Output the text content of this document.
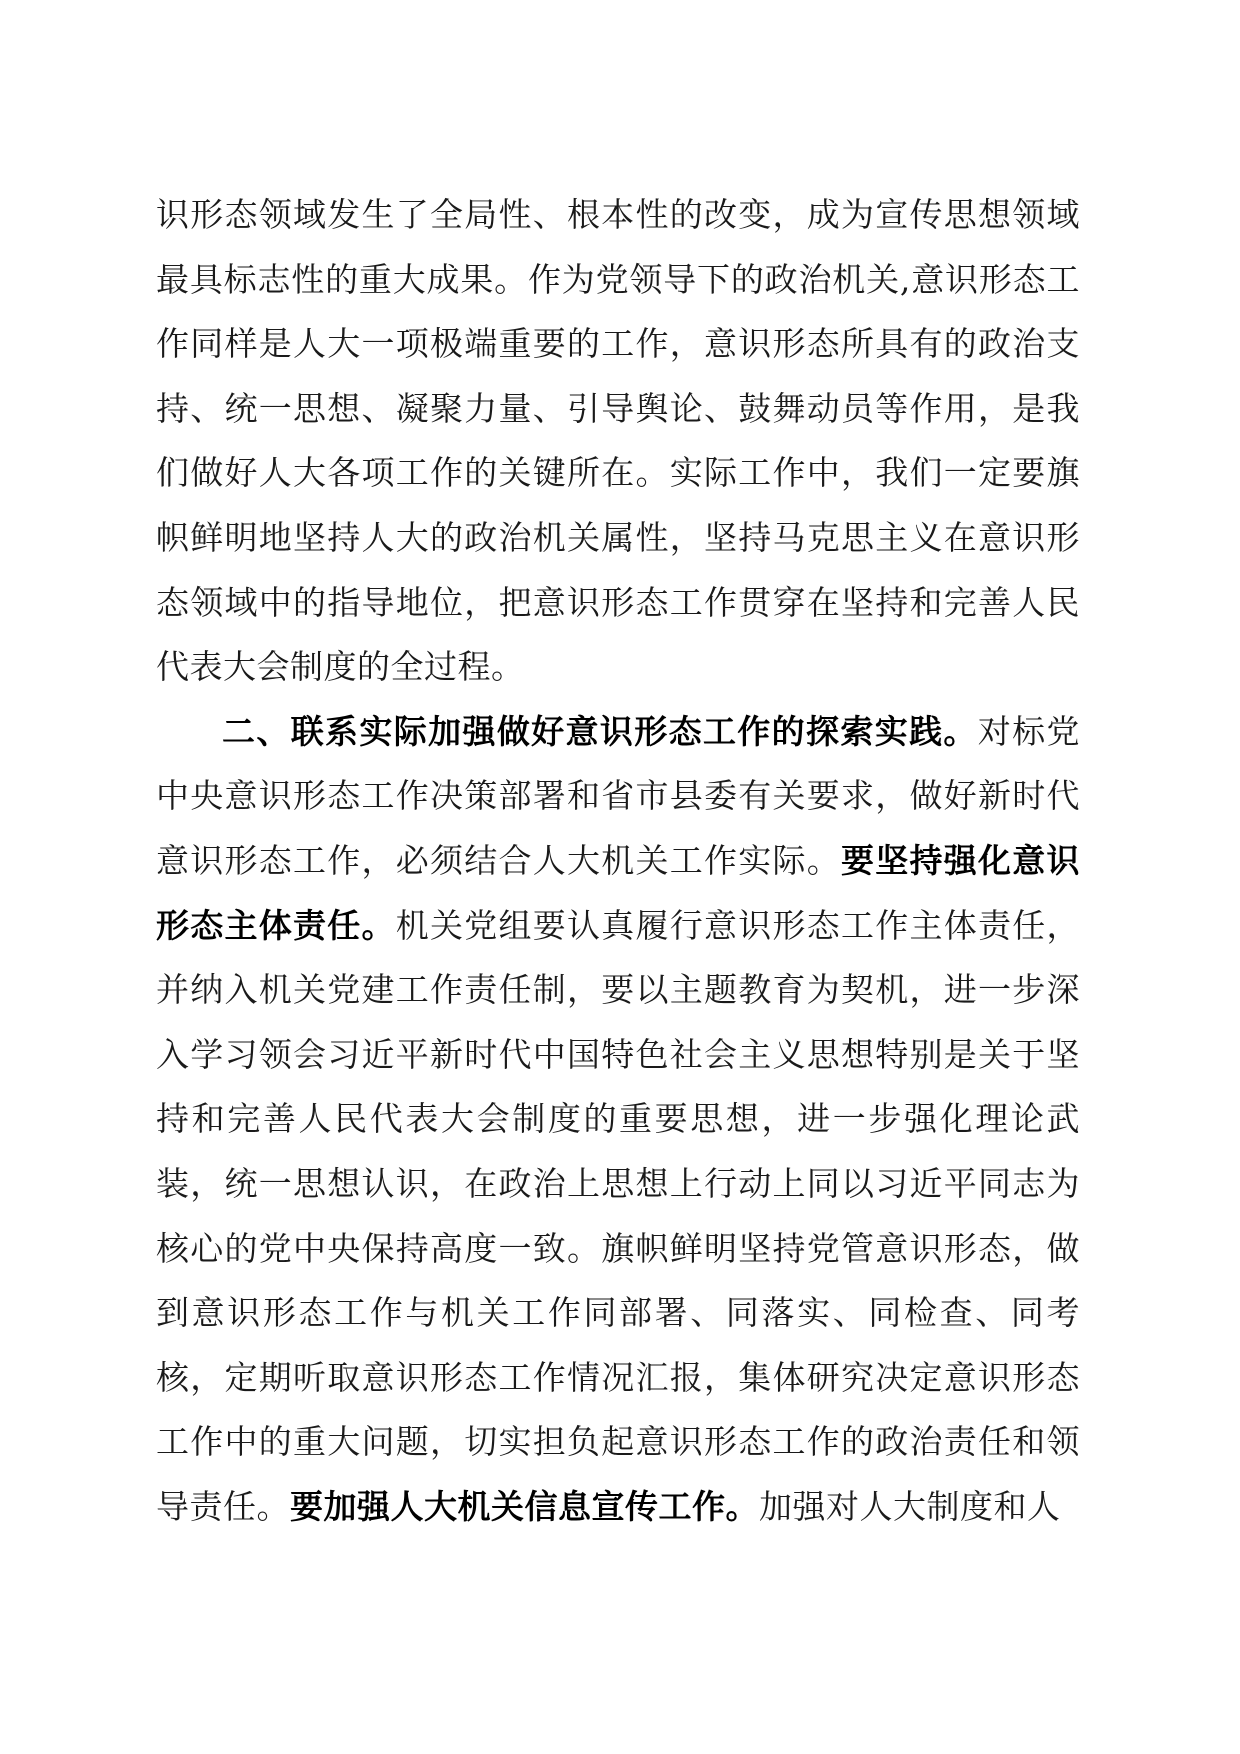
识形态领域发生了全局性、根本性的改变，成为宣传思想领域最具标志性的重大成果。作为党领导下的政治机关,意识形态工作同样是人大一项极端重要的工作，意识形态所具有的政治支持、统一思想、凝聚力量、引导舆论、鼓舞动员等作用，是我们做好人大各项工作的关键所在。实际工作中，我们一定要旗帜鲜明地坚持人大的政治机关属性，坚持马克思主义在意识形态领域中的指导地位，把意识形态工作贯穿在坚持和完善人民代表大会制度的全过程。

二、联系实际加强做好意识形态工作的探索实践。对标党中央意识形态工作决策部署和省市县委有关要求，做好新时代意识形态工作，必须结合人大机关工作实际。要坚持强化意识形态主体责任。机关党组要认真履行意识形态工作主体责任，并纳入机关党建工作责任制，要以主题教育为契机，进一步深入学习领会习近平新时代中国特色社会主义思想特别是关于坚持和完善人民代表大会制度的重要思想，进一步强化理论武装，统一思想认识，在政治上思想上行动上同以习近平同志为核心的党中央保持高度一致。旗帜鲜明坚持党管意识形态，做到意识形态工作与机关工作同部署、同落实、同检查、同考核，定期听取意识形态工作情况汇报，集体研究决定意识形态工作中的重大问题，切实担负起意识形态工作的政治责任和领导责任。要加强人大机关信息宣传工作。加强对人大制度和人
